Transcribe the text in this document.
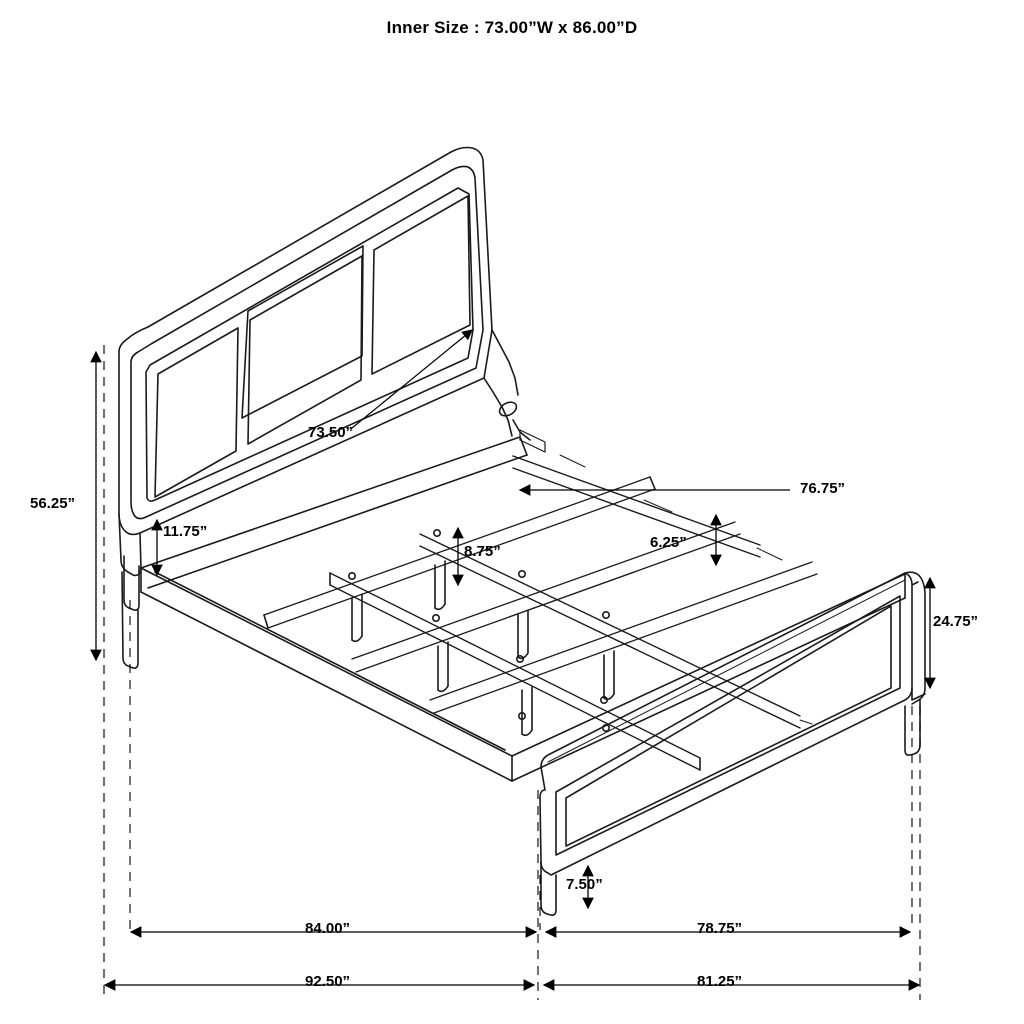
Inner Size : 73.00”W x 86.00”D
56.25”
73.50”
11.75”
8.75”
76.75”
6.25”
24.75”
7.50”
84.00”	78.75”
92.50”	81.25”
